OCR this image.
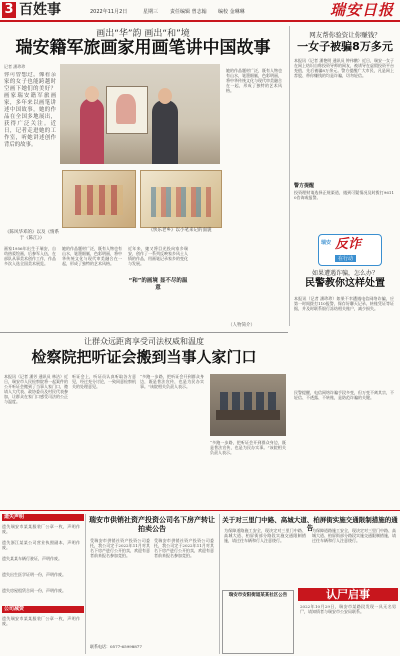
3 百姓事	2022年11月2日	星期三 责任编辑 曾志翰 编校 金琳琳	瑞安日报
画出“华”韵 画出“和”境
瑞安籍军旅画家用画笔讲中国故事
记者 潘珍珍
你可曾想过，像看亲家的女子也能跨越时空画下她们的美好？画家瑞安籍军旅画家，多年来以画笔讲述中国故事，她的作品在全国多地展出，获得广泛关注。近日，记者走进她的工作室，听她讲述创作背后的故事。
《陈风华邓的》以及《情系于《陈江》》
《快乐老乡》以小笔来记的面貌
画家1956年出生于瑞安，自幼热爱绘画，后参军入伍，在部队从事美术创作工作，作品多次入选全国美术展览。
她的作品题材广泛，既有人物也有山水，笔墨细腻，色彩明丽，将中华传统文化与现代审美融合在一起，形成了独特的艺术风格。
近年来，她又将目光投向家乡瑞安，创作了一系列反映家乡风土人情的作品，用画笔记录家乡的变化与发展。
“和”的画境 显不尽的温意
她的作品题材广泛，既有人物也有山水，笔墨细腻，色彩明丽，将中华传统文化与现代审美融合在一起，形成了独特的艺术风格。
（人物简介）
网友帮你验资让你赚钱？
一女子被骗8万多元
本报讯（记者 潘艳明 通讯员 钟伟鹏）近日，瑞安一女子在网上结识自称投资导师的网友，被诱导在虚假投资平台充值，先后被骗8万余元。警方提醒广大市民，凡是网上荐股、带你赚钱的均是诈骗，切勿轻信。
警方提醒
投资理财请选择正规渠道，遇到可疑情况及时拨打96110咨询或报警。
瑞安 反诈
在行动
如果遭遇诈骗，怎么办？
民警教你这样处置
本报讯（记者 潘珍珍）如果不幸遭遇电信网络诈骗，应第一时间拨打110报警，保存好聊天记录、转账凭证等证据，并及时联系银行冻结相关账户，减少损失。
民警提醒，电信网络诈骗手段多变，但万变不离其宗，不轻信、不透露、不转账，是防范诈骗的关键。
让群众远距离享受司法权威和温度
检察院把听证会搬到当事人家门口
本报讯（记者 潘芳 通讯员 林洁）近日，瑞安市人民检察院将一起案件的公开听证会搬到了当事人家门口，邀请人大代表、政协委员及村民代表参加，让群众在家门口感受司法的公正与温度。
听证会上，听证员认真听取各方意见，经过充分讨论，一致同意检察机关的处理意见。
“多跑一步路，把听证会开到群众身边，既是普法宣传，也是为民办实事。”该院相关负责人表示。
“多跑一步路，把听证会开到群众身边，既是普法宣传，也是为民办实事。”该院相关负责人表示。
遗失声明
遗失瑞安市某某服装厂公章一枚，声明作废。
遗失浙江某某公司营业执照副本，声明作废。
遗失某某车辆行驶证，声明作废。
遗失出生医学证明一份，声明作废。
遗失房屋租赁合同一份，声明作废。
公司减资
遗失瑞安市某某服装厂公章一枚，声明作废。
瑞安市供销社资产投资公司名下房产转让拍卖公告
受瑞安市供销社资产投资公司委托，我公司定于2022年11月对其名下房产进行公开拍卖，欢迎有意者前来报名参加竞拍。
受瑞安市供销社资产投资公司委托，我公司定于2022年11月对其名下房产进行公开拍卖，欢迎有意者前来报名参加竞拍。
联系电话：0577-65998877
关于对三里门中路、高城大道、柏屏街实施交通限制措施的通告
为保障道路施工安全，现决定对三里门中路、高城大道、柏屏街部分路段实施交通限制措施，请过往车辆和行人注意绕行。
为保障道路施工安全，现决定对三里门中路、高城大道、柏屏街部分路段实施交通限制措施，请过往车辆和行人注意绕行。
瑞安市安阳街道某某社区公告	认尸启事
2022年10月29日，瑞安市某路段发现一具无名男尸，请知情者与瑞安市公安局联系。
